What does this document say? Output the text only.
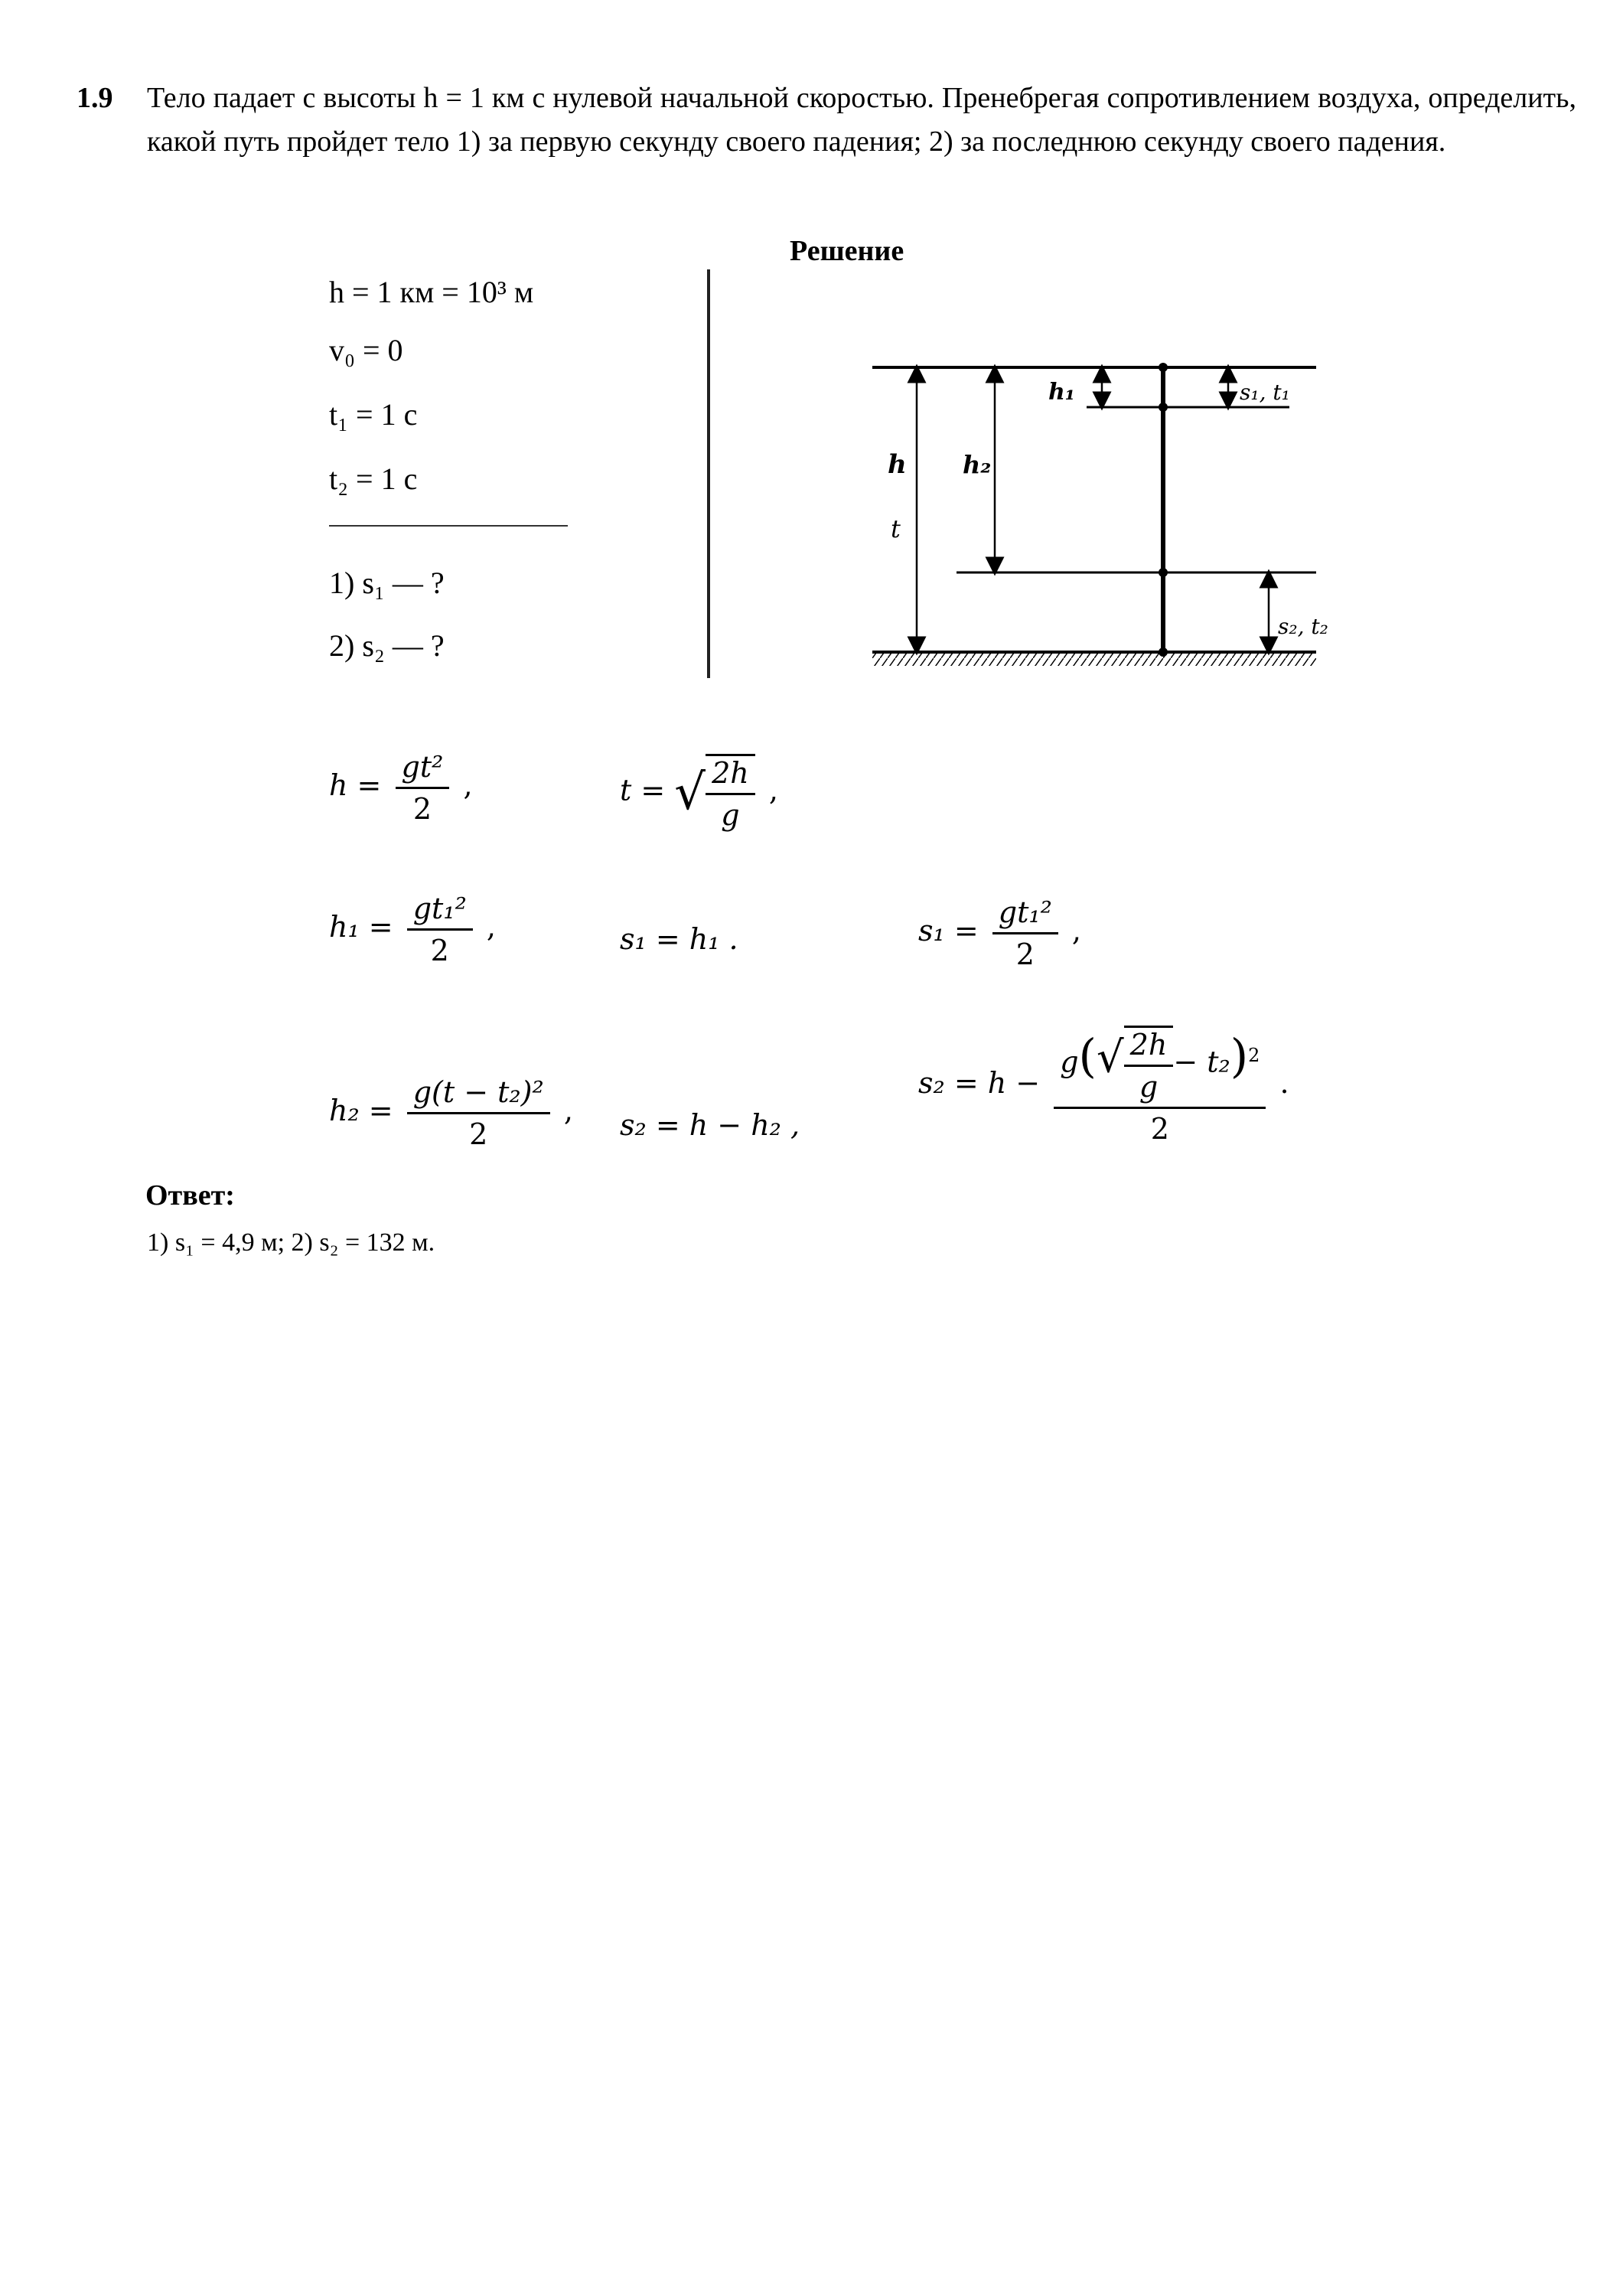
1.9 Тело падает с высоты h = 1 км с нулевой начальной скоростью. Пренебрегая сопротивлением воздуха, определить, какой путь пройдет тело 1) за первую секунду своего падения; 2) за последнюю секунду своего падения.
Решение
h = 1 км = 10³ м
v₀ = 0
t₁ = 1 с
t₂ = 1 с
1) s₁ — ?
2) s₂ — ?
h
t
h₂
h₁	s₁, t₁
s₂, t₂
$h = \frac{\text{gt²}}{2}$ ,	t = √ $\frac{2h}{g}$ ,
$h_1 = \frac{\text{gt₁²}}{2}$ ,	s₁ = h₁ .	$s_1 = \frac{\text{gt₁²}}{2}$ ,
$h_2 = \frac{\text{g(t − t₂)²}}{2}$ , s₂ = h − h₂ ,
$s_2 = h - \frac{g(√ \frac{2h}{g} - t_2)^2}{2}$ .
Ответ:
1) s₁ = 4,9 м; 2) s₂ = 132 м.
